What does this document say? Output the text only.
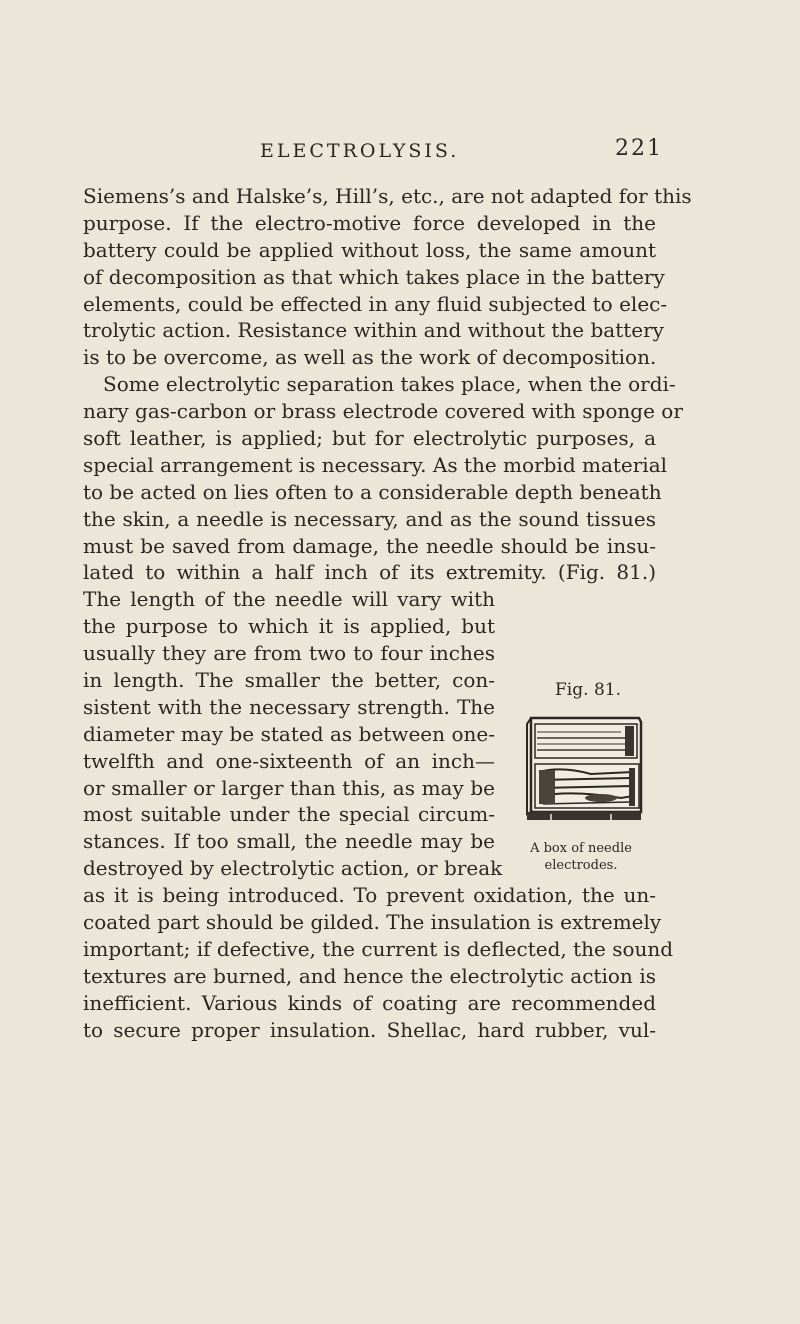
ELECTROLYSIS.	221
Siemens’s and Halske’s, Hill’s, etc., are not adapted for this
purpose. If the electro-motive force developed in the
battery could be applied without loss, the same amount
of decomposition as that which takes place in the battery
elements, could be effected in any fluid subjected to elec-
trolytic action. Resistance within and without the battery
is to be overcome, as well as the work of decomposition.
Some electrolytic separation takes place, when the ordi-
nary gas-carbon or brass electrode covered with sponge or
soft leather, is applied; but for electrolytic purposes, a
special arrangement is necessary. As the morbid material
to be acted on lies often to a considerable depth beneath
the skin, a needle is necessary, and as the sound tissues
must be saved from damage, the needle should be insu-
lated to within a half inch of its extremity. (Fig. 81.)
The length of the needle will vary with
the purpose to which it is applied, but
usually they are from two to four inches
in length. The smaller the better, con-
sistent with the necessary strength. The
diameter may be stated as between one-
twelfth and one-sixteenth of an inch—
or smaller or larger than this, as may be
most suitable under the special circum-
stances. If too small, the needle may be
destroyed by electrolytic action, or break
as it is being introduced. To prevent oxidation, the un-
coated part should be gilded. The insulation is extremely
important; if defective, the current is deflected, the sound
textures are burned, and hence the electrolytic action is
inefficient. Various kinds of coating are recommended
to secure proper insulation. Shellac, hard rubber, vul-
Fig. 81.
A box of needle
electrodes.
